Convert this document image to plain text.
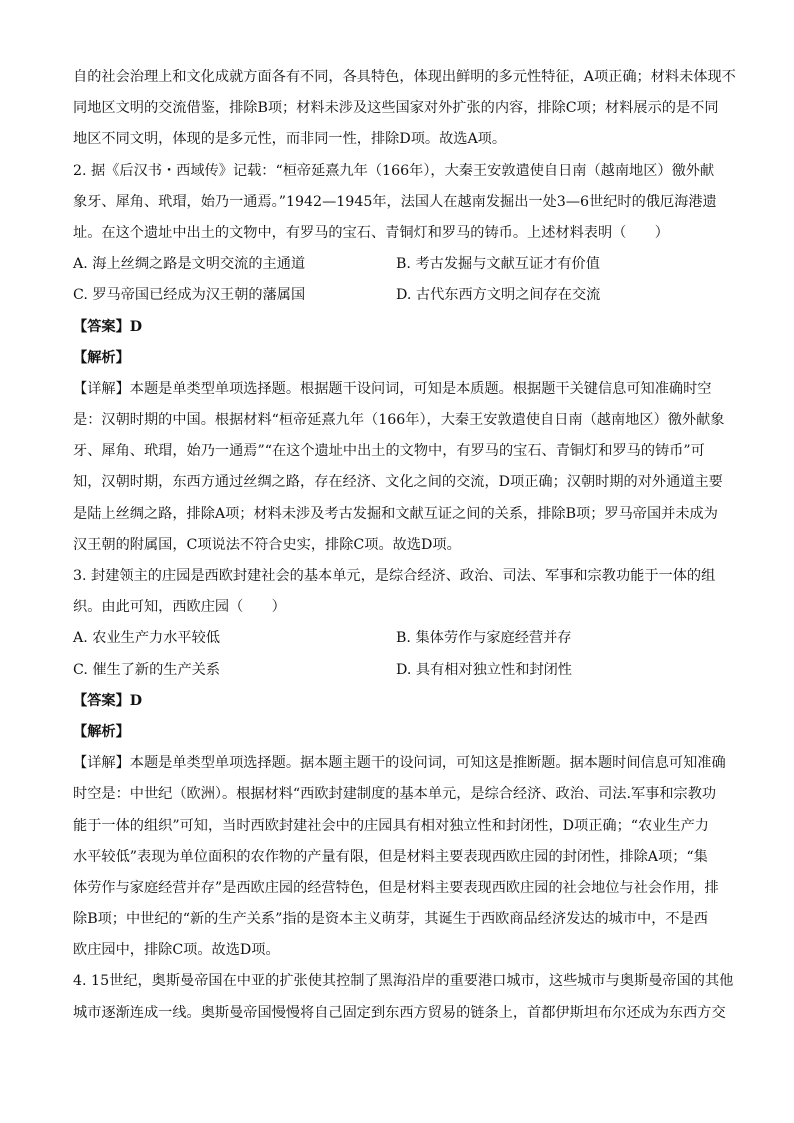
自的社会治理上和文化成就方面各有不同，各具特色，体现出鲜明的多元性特征，A项正确；材料未体现不
同地区文明的交流借鉴，排除B项；材料未涉及这些国家对外扩张的内容，排除C项；材料展示的是不同
地区不同文明，体现的是多元性，而非同一性，排除D项。故选A项。
2. 据《后汉书・西域传》记载：“桓帝延熹九年（166年），大秦王安敦遣使自日南（越南地区）徼外献
象牙、犀角、玳瑁，始乃一通焉。”1942—1945年，法国人在越南发掘出一处3—6世纪时的俄厄海港遗
址。在这个遗址中出土的文物中，有罗马的宝石、青铜灯和罗马的铸币。上述材料表明（　　）
A. 海上丝绸之路是文明交流的主通道	B. 考古发掘与文献互证才有价值
C. 罗马帝国已经成为汉王朝的藩属国	D. 古代东西方文明之间存在交流
【答案】D
【解析】
【详解】本题是单类型单项选择题。根据题干设问词，可知是本质题。根据题干关键信息可知准确时空
是：汉朝时期的中国。根据材料“桓帝延熹九年（166年），大秦王安敦遣使自日南（越南地区）徼外献象
牙、犀角、玳瑁，始乃一通焉”“在这个遗址中出土的文物中，有罗马的宝石、青铜灯和罗马的铸币”可
知，汉朝时期，东西方通过丝绸之路，存在经济、文化之间的交流，D项正确；汉朝时期的对外通道主要
是陆上丝绸之路，排除A项；材料未涉及考古发掘和文献互证之间的关系，排除B项；罗马帝国并未成为
汉王朝的附属国，C项说法不符合史实，排除C项。故选D项。
3. 封建领主的庄园是西欧封建社会的基本单元，是综合经济、政治、司法、军事和宗教功能于一体的组
织。由此可知，西欧庄园（　　）
A. 农业生产力水平较低	B. 集体劳作与家庭经营并存
C. 催生了新的生产关系	D. 具有相对独立性和封闭性
【答案】D
【解析】
【详解】本题是单类型单项选择题。据本题主题干的设问词，可知这是推断题。据本题时间信息可知准确
时空是：中世纪（欧洲）。根据材料“西欧封建制度的基本单元，是综合经济、政治、司法.军事和宗教功
能于一体的组织”可知，当时西欧封建社会中的庄园具有相对独立性和封闭性，D项正确；“农业生产力
水平较低”表现为单位面积的农作物的产量有限，但是材料主要表现西欧庄园的封闭性，排除A项；“集
体劳作与家庭经营并存”是西欧庄园的经营特色，但是材料主要表现西欧庄园的社会地位与社会作用，排
除B项；中世纪的“新的生产关系”指的是资本主义萌芽，其诞生于西欧商品经济发达的城市中，不是西
欧庄园中，排除C项。故选D项。
4. 15世纪，奥斯曼帝国在中亚的扩张使其控制了黑海沿岸的重要港口城市，这些城市与奥斯曼帝国的其他
城市逐渐连成一线。奥斯曼帝国慢慢将自己固定到东西方贸易的链条上，首都伊斯坦布尔还成为东西方交
